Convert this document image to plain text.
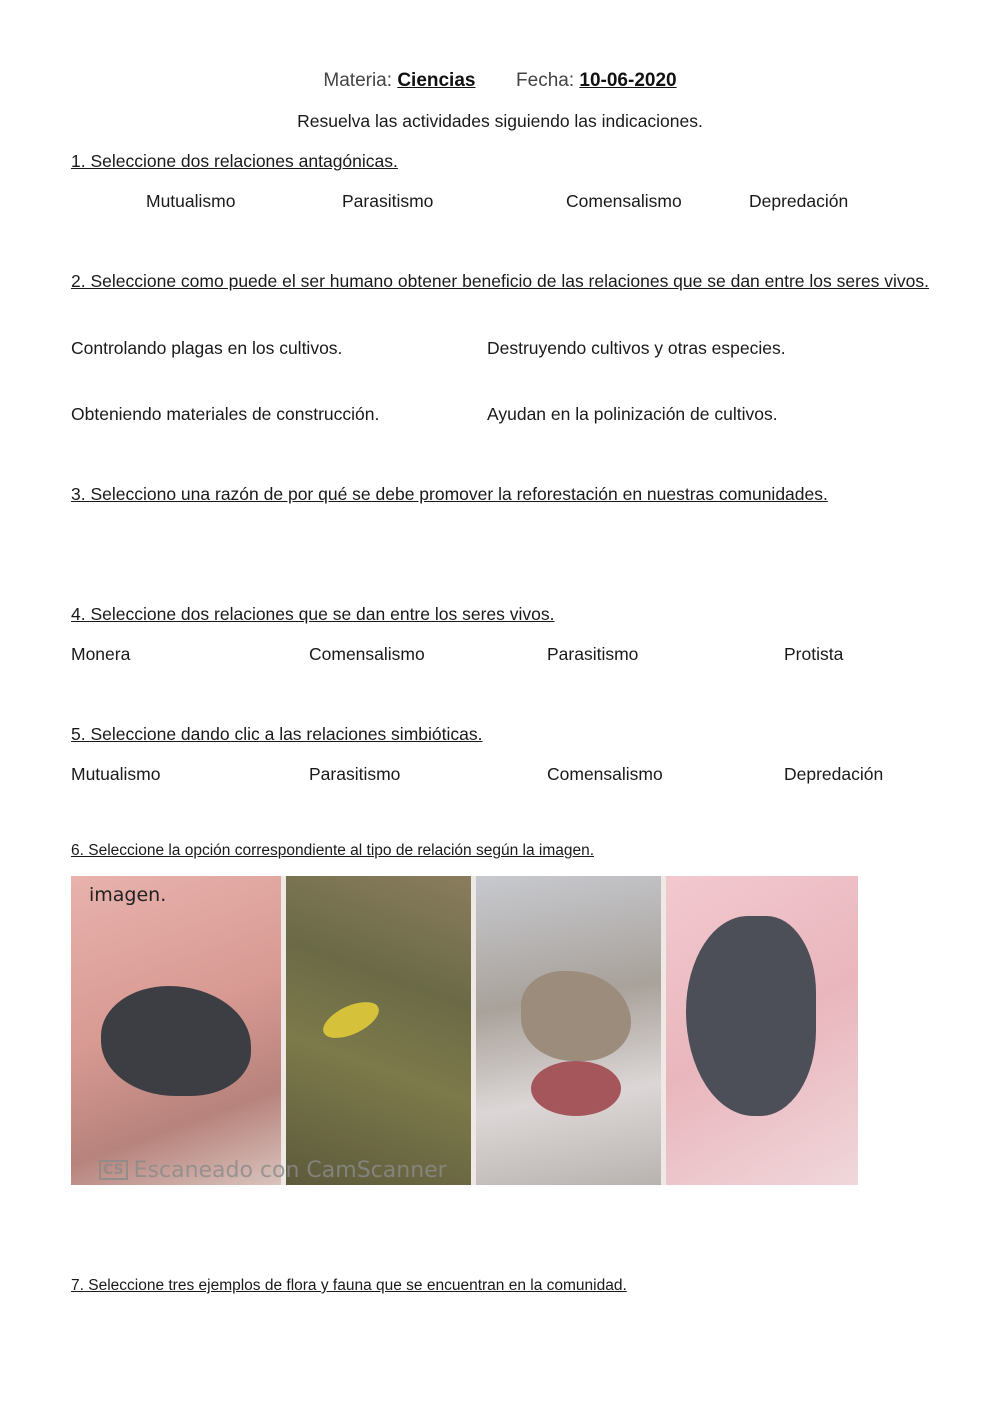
Materia: Ciencias Fecha: 10-06-2020
Resuelva las actividades siguiendo las indicaciones.
1. Seleccione dos relaciones antagónicas.
Mutualismo	Parasitismo	Comensalismo	Depredación
2. Seleccione como puede el ser humano obtener beneficio de las relaciones que se dan entre los seres vivos.
Controlando plagas en los cultivos.	Destruyendo cultivos y otras especies.
Obteniendo materiales de construcción.	Ayudan en la polinización de cultivos.
3. Selecciono una razón de por qué se debe promover la reforestación en nuestras comunidades.
4. Seleccione dos relaciones que se dan entre los seres vivos.
Monera	Comensalismo	Parasitismo	Protista
5. Seleccione dando clic a las relaciones simbióticas.
Mutualismo	Parasitismo	Comensalismo	Depredación
6. Seleccione la opción correspondiente al tipo de relación según la imagen.
imagen.
CS Escaneado con CamScanner
7. Seleccione tres ejemplos de flora y fauna que se encuentran en la comunidad.
